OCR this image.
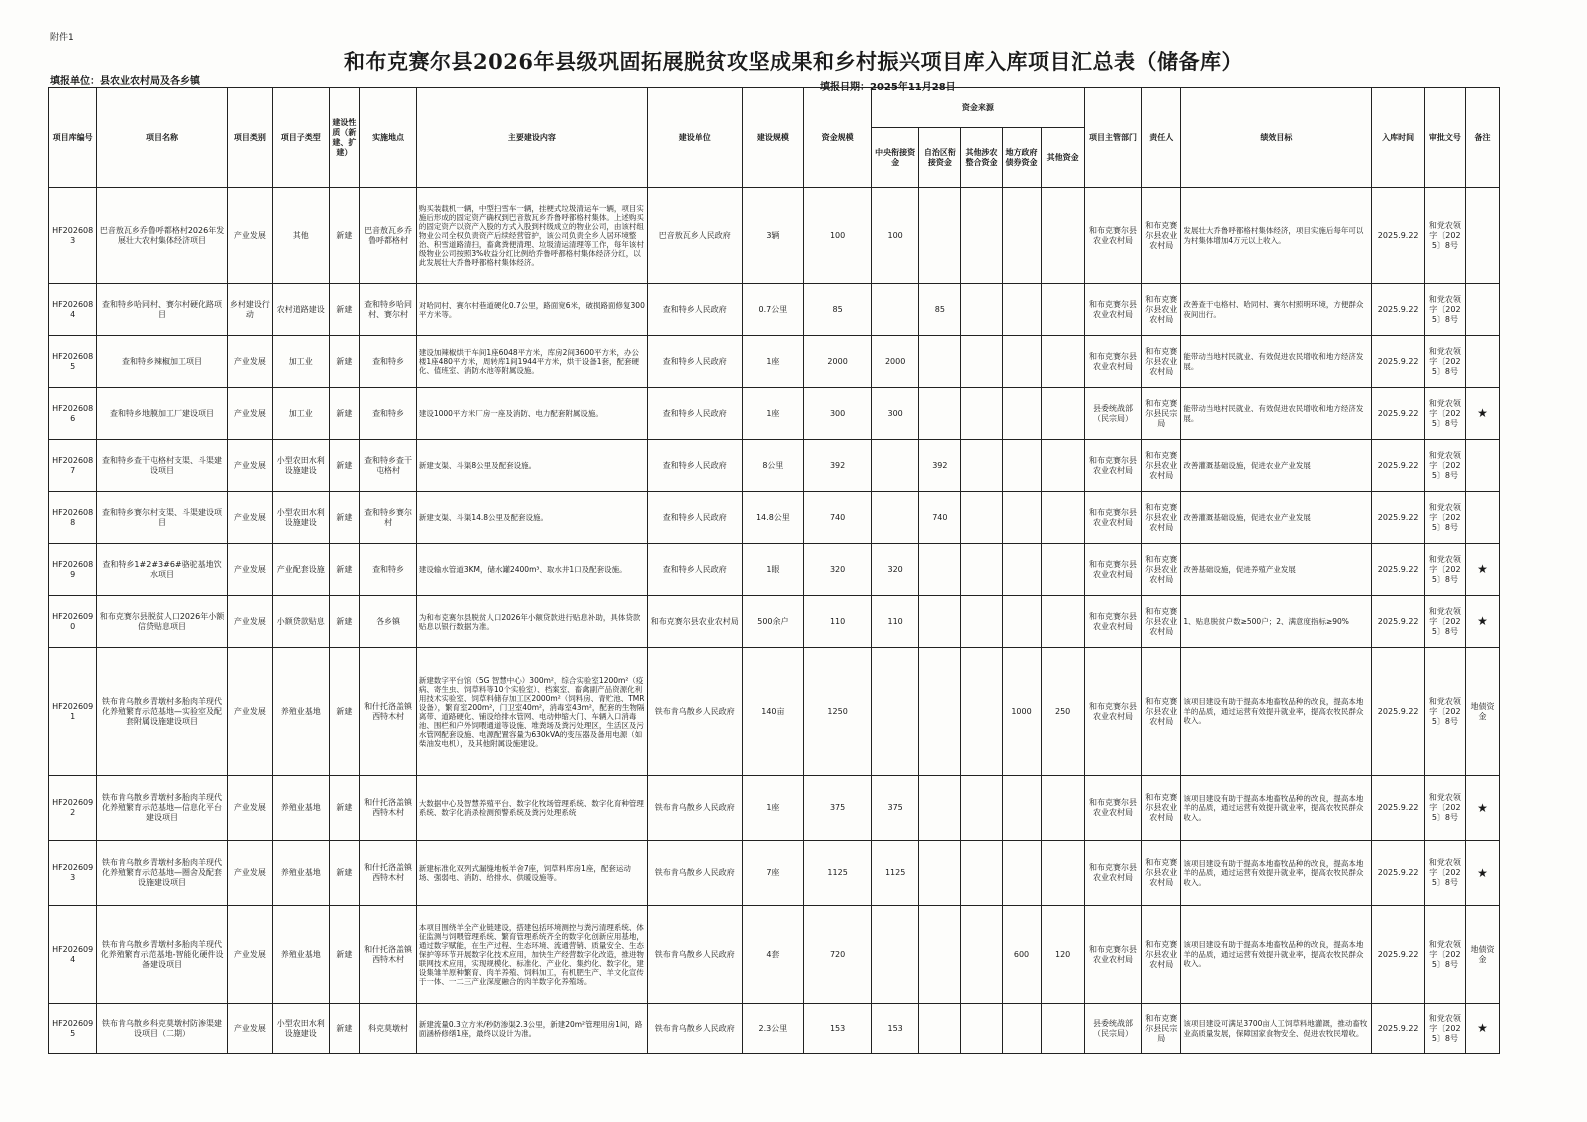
附件1
和布克赛尔县2026年县级巩固拓展脱贫攻坚成果和乡村振兴项目库入库项目汇总表（储备库）
填报单位：县农业农村局及各乡镇
填报日期：2025年11月28日
项目库编号	项目名称	项目类别	项目子类型	建设性质（新建、扩建）	实施地点	主要建设内容	建设单位	建设规模	资金规模	资金来源					项目主管部门	责任人	绩效目标	入库时间	审批文号	备注
										中央衔接资金	自治区衔接资金	其他涉农整合资金	地方政府债券资金	其他资金						
HF2026083	巴音敖瓦乡乔鲁呼都格村2026年发展壮大农村集体经济项目	产业发展	其他	新建	巴音敖瓦乡乔鲁呼都格村	购买装载机一辆，中型扫雪车一辆，挂梗式垃圾清运车一辆，项目实施后形成的固定资产确权到巴音敖瓦乡乔鲁呼都格村集体。上述购买的固定资产以资产入股的方式入股到村级成立的物业公司，由该村组物业公司全权负责资产后续经营管护，该公司负责全乡人居环境整治、积雪道路清扫，畜禽粪便清理、垃圾清运清理等工作，每年该村级物业公司按照3%收益分红比例给乔鲁呼都格村集体经济分红，以此发展壮大乔鲁呼都格村集体经济。	巴音敖瓦乡人民政府	3辆	100	100					和布克赛尔县农业农村局	和布克赛尔县农业农村局	发展壮大乔鲁呼都格村集体经济，项目实施后每年可以为村集体增加4万元以上收入。	2025.9.22	和党农领字〔2025〕8号	
HF2026084	查和特乡哈同村、赛尔村硬化路项目	乡村建设行动	农村道路建设	新建	查和特乡哈同村、赛尔村	对哈同村、赛尔村巷道硬化0.7公里，路面宽6米，破损路面修复300平方米等。	查和特乡人民政府	0.7公里	85		85				和布克赛尔县农业农村局	和布克赛尔县农业农村局	改善查干屯格村、哈同村、赛尔村照明环境，方便群众夜间出行。	2025.9.22	和党农领字〔2025〕8号	
HF2026085	查和特乡辣椒加工项目	产业发展	加工业	新建	查和特乡	建设加辣椒烘干车间1座6048平方米，库房2间3600平方米，办公楼1座480平方米，周转库1间1944平方米，烘干设备1套，配套硬化、值班室、消防水池等附属设施。	查和特乡人民政府	1座	2000	2000					和布克赛尔县农业农村局	和布克赛尔县农业农村局	能带动当地村民就业、有效促进农民增收和地方经济发展。	2025.9.22	和党农领字〔2025〕8号	
HF2026086	查和特乡地膜加工厂建设项目	产业发展	加工业	新建	查和特乡	建设1000平方米厂房一座及消防、电力配套附属设施。	查和特乡人民政府	1座	300	300					县委统战部（民宗局）	和布克赛尔县民宗局	能带动当地村民就业、有效促进农民增收和地方经济发展。	2025.9.22	和党农领字〔2025〕8号	★
HF2026087	查和特乡查干屯格村支渠、斗渠建设项目	产业发展	小型农田水利设施建设	新建	查和特乡查干屯格村	新建支渠、斗渠8公里及配套设施。	查和特乡人民政府	8公里	392		392				和布克赛尔县农业农村局	和布克赛尔县农业农村局	改善灌溉基础设施，促进农业产业发展	2025.9.22	和党农领字〔2025〕8号	
HF2026088	查和特乡赛尔村支渠、斗渠建设项目	产业发展	小型农田水利设施建设	新建	查和特乡赛尔村	新建支渠、斗渠14.8公里及配套设施。	查和特乡人民政府	14.8公里	740		740				和布克赛尔县农业农村局	和布克赛尔县农业农村局	改善灌溉基础设施，促进农业产业发展	2025.9.22	和党农领字〔2025〕8号	
HF2026089	查和特乡1#2#3#6#骆驼基地饮水项目	产业发展	产业配套设施	新建	查和特乡	建设输水管道3KM，储水罐2400m³、取水井1口及配套设施。	查和特乡人民政府	1眼	320	320					和布克赛尔县农业农村局	和布克赛尔县农业农村局	改善基础设施，促进养殖产业发展	2025.9.22	和党农领字〔2025〕8号	★
HF2026090	和布克赛尔县脱贫人口2026年小额信贷贴息项目	产业发展	小额贷款贴息	新建	各乡镇	为和布克赛尔县脱贫人口2026年小额贷款进行贴息补助，具体贷款贴息以银行数据为准。	和布克赛尔县农业农村局	500余户	110	110					和布克赛尔县农业农村局	和布克赛尔县农业农村局	1、贴息脱贫户数≥500户；2、满意度指标≥90%	2025.9.22	和党农领字〔2025〕8号	★
HF2026091	铁布肯乌散乡青墩村多胎肉羊现代化养殖繁育示范基地—实验室及配套附属设施建设项目	产业发展	养殖业基地	新建	和什托洛盖镇西特木村	新建数字平台馆（5G 智慧中心）300m²，综合实验室1200m²（疫病、寄生虫、饲草料等10个实验室）、档案室、畜禽副产品资源化利用技术实验室、饲草料储存加工区2000m²（饲料房、青贮池、TMR设备），繁育室200m²，门卫室40m²，消毒室43m²，配套的生物隔离带、道路硬化、铺设给排水管网、电动伸缩大门、车辆入口消毒池、围栏和户外饲喂通道等设施、堆粪场及粪污处理区，生活区及污水管网配套设施、电源配置容量为630kVA的变压器及备用电源（如柴油发电机），及其他附属设施建设。	铁布肯乌散乡人民政府	140亩	1250				1000	250	和布克赛尔县农业农村局	和布克赛尔县农业农村局	该项目建设有助于提高本地畜牧品种的改良，提高本地羊的品质，通过运营有效提升就业率，提高农牧民群众收入。	2025.9.22	和党农领字〔2025〕8号	地债资金
HF2026092	铁布肯乌散乡青墩村多胎肉羊现代化养殖繁育示范基地—信息化平台建设项目	产业发展	养殖业基地	新建	和什托洛盖镇西特木村	大数据中心及智慧养殖平台、数字化牧场管理系统、数字化育种管理系统、数字化消杀检测预警系统及粪污处理系统	铁布肯乌散乡人民政府	1座	375	375					和布克赛尔县农业农村局	和布克赛尔县农业农村局	该项目建设有助于提高本地畜牧品种的改良，提高本地羊的品质，通过运营有效提升就业率，提高农牧民群众收入。	2025.9.22	和党农领字〔2025〕8号	★
HF2026093	铁布肯乌散乡青墩村多胎肉羊现代化养殖繁育示范基地—圈舍及配套设施建设项目	产业发展	养殖业基地	新建	和什托洛盖镇西特木村	新建标准化双列式漏缝地板羊舍7座，饲草料库房1座，配套运动场、强弱电、消防、给排水、供暖设施等。	铁布肯乌散乡人民政府	7座	1125	1125					和布克赛尔县农业农村局	和布克赛尔县农业农村局	该项目建设有助于提高本地畜牧品种的改良，提高本地羊的品质，通过运营有效提升就业率，提高农牧民群众收入。	2025.9.22	和党农领字〔2025〕8号	★
HF2026094	铁布肯乌散乡青墩村多胎肉羊现代化养殖繁育示范基地-智能化硬件设备建设项目	产业发展	养殖业基地	新建	和什托洛盖镇西特木村	本项目围绕羊全产业链建设，搭建包括环境测控与粪污清理系统、体征监测与饲喂管理系统、繁育管理系统齐全的数字化创新应用基地，通过数字赋能，在生产过程、生态环境、流通营销、质量安全、生态保护等环节开展数字化技术应用，加快生产经营数字化改造，推进物联网技术应用，实现规模化、标准化、产业化、集约化、数字化，建设集雏羊原种繁育、肉羊养殖、饲料加工，有机肥生产、羊文化宣传于一体、一二三产业深度融合的肉羊数字化养殖场。	铁布肯乌散乡人民政府	4套	720				600	120	和布克赛尔县农业农村局	和布克赛尔县农业农村局	该项目建设有助于提高本地畜牧品种的改良，提高本地羊的品质，通过运营有效提升就业率，提高农牧民群众收入。	2025.9.22	和党农领字〔2025〕8号	地债资金
HF2026095	铁布肯乌散乡科克莫墩村防渗渠建设项目（二期）	产业发展	小型农田水利设施建设	新建	科克莫墩村	新建流量0.3立方米/秒防渗渠2.3公里，新建20m²管理用房1间，路面涵桥修缮1座，最终以设计为准。	铁布肯乌散乡人民政府	2.3公里	153	153					县委统战部（民宗局）	和布克赛尔县民宗局	该项目建设可满足3700亩人工饲草料地灌溉，推动畜牧业高质量发展，保障国家食物安全、促进农牧民增收。	2025.9.22	和党农领字〔2025〕8号	★
